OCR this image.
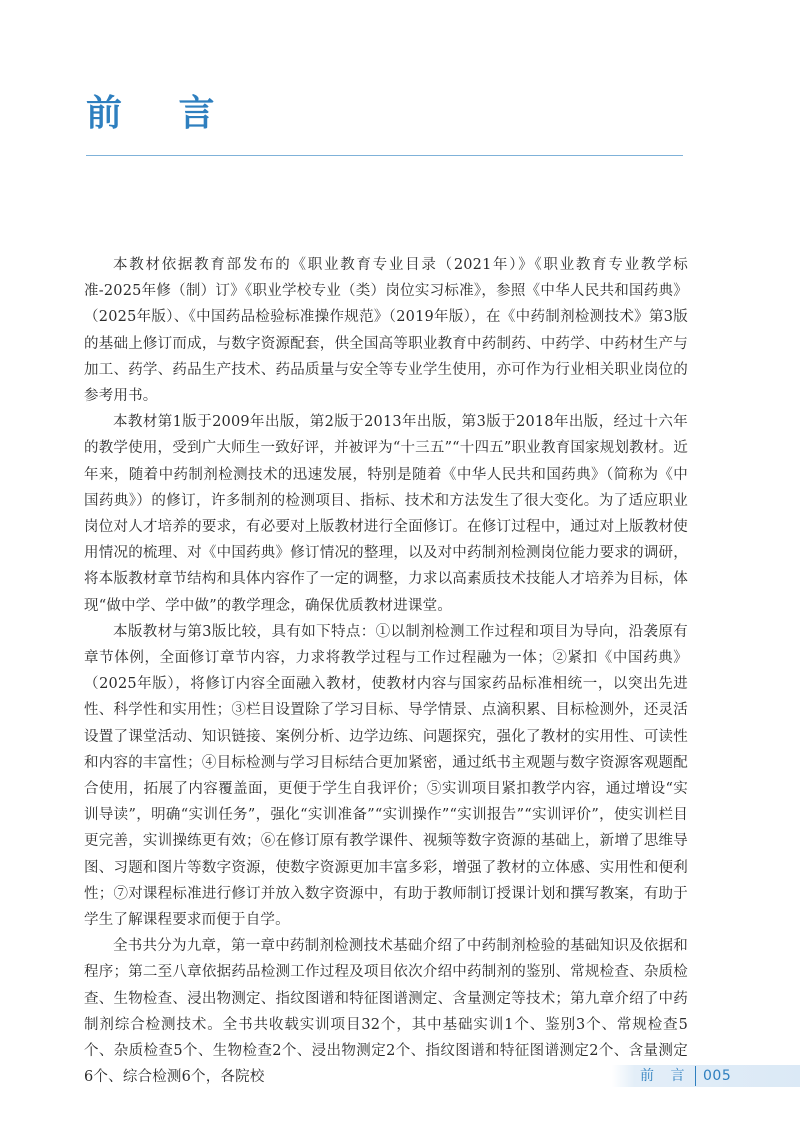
前 言

本教材依据教育部发布的《职业教育专业目录（2021年）》《职业教育专业教学标准-2025年修（制）订》《职业学校专业（类）岗位实习标准》，参照《中华人民共和国药典》（2025年版）、《中国药品检验标准操作规范》（2019年版），在《中药制剂检测技术》第3版的基础上修订而成，与数字资源配套，供全国高等职业教育中药制药、中药学、中药材生产与加工、药学、药品生产技术、药品质量与安全等专业学生使用，亦可作为行业相关职业岗位的参考用书。

本教材第1版于2009年出版，第2版于2013年出版，第3版于2018年出版，经过十六年的教学使用，受到广大师生一致好评，并被评为“十三五”“十四五”职业教育国家规划教材。近年来，随着中药制剂检测技术的迅速发展，特别是随着《中华人民共和国药典》（简称为《中国药典》）的修订，许多制剂的检测项目、指标、技术和方法发生了很大变化。为了适应职业岗位对人才培养的要求，有必要对上版教材进行全面修订。在修订过程中，通过对上版教材使用情况的梳理、对《中国药典》修订情况的整理，以及对中药制剂检测岗位能力要求的调研，将本版教材章节结构和具体内容作了一定的调整，力求以高素质技术技能人才培养为目标，体现“做中学、学中做”的教学理念，确保优质教材进课堂。

本版教材与第3版比较，具有如下特点：①以制剂检测工作过程和项目为导向，沿袭原有章节体例，全面修订章节内容，力求将教学过程与工作过程融为一体；②紧扣《中国药典》（2025年版），将修订内容全面融入教材，使教材内容与国家药品标准相统一，以突出先进性、科学性和实用性；③栏目设置除了学习目标、导学情景、点滴积累、目标检测外，还灵活设置了课堂活动、知识链接、案例分析、边学边练、问题探究，强化了教材的实用性、可读性和内容的丰富性；④目标检测与学习目标结合更加紧密，通过纸书主观题与数字资源客观题配合使用，拓展了内容覆盖面，更便于学生自我评价；⑤实训项目紧扣教学内容，通过增设“实训导读”，明确“实训任务”，强化“实训准备”“实训操作”“实训报告”“实训评价”，使实训栏目更完善，实训操练更有效；⑥在修订原有教学课件、视频等数字资源的基础上，新增了思维导图、习题和图片等数字资源，使数字资源更加丰富多彩，增强了教材的立体感、实用性和便利性；⑦对课程标准进行修订并放入数字资源中，有助于教师制订授课计划和撰写教案，有助于学生了解课程要求而便于自学。

全书共分为九章，第一章中药制剂检测技术基础介绍了中药制剂检验的基础知识及依据和程序；第二至八章依据药品检测工作过程及项目依次介绍中药制剂的鉴别、常规检查、杂质检查、生物检查、浸出物测定、指纹图谱和特征图谱测定、含量测定等技术；第九章介绍了中药制剂综合检测技术。全书共收载实训项目32个，其中基础实训1个、鉴别3个、常规检查5个、杂质检查5个、生物检查2个、浸出物测定2个、指纹图谱和特征图谱测定2个、含量测定6个、综合检测6个，各院校	前 言 005
